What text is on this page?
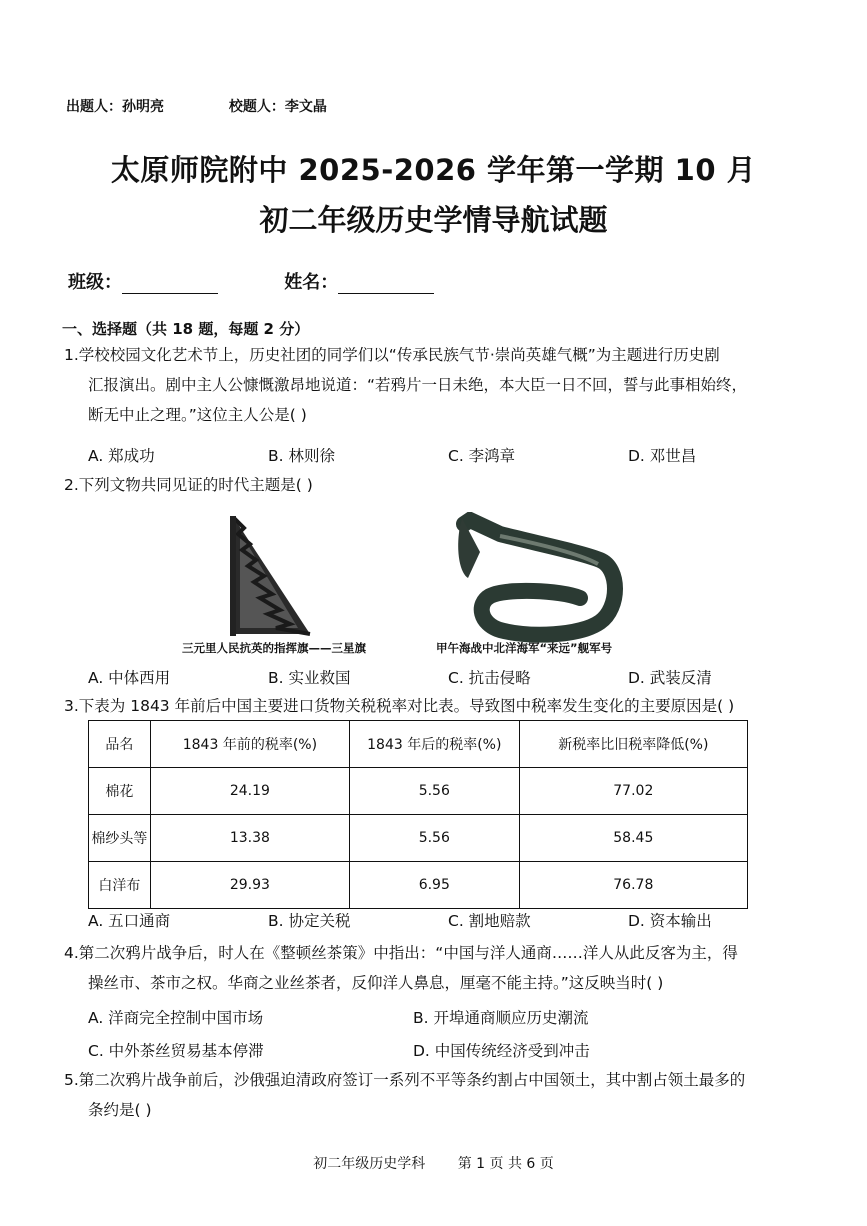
出题人：孙明亮	校题人：李文晶
太原师院附中 2025-2026 学年第一学期 10 月
初二年级历史学情导航试题
班级：	姓名：
一、选择题（共 18 题，每题 2 分）
1.学校校园文化艺术节上，历史社团的同学们以“传承民族气节·崇尚英雄气概”为主题进行历史剧
汇报演出。剧中主人公慷慨激昂地说道：“若鸦片一日未绝，本大臣一日不回，誓与此事相始终，
断无中止之理。”这位主人公是( )
A. 郑成功	B. 林则徐	C. 李鸿章	D. 邓世昌
2.下列文物共同见证的时代主题是( )
三元里人民抗英的指挥旗——三星旗	甲午海战中北洋海军“来远”舰军号
A. 中体西用	B. 实业救国	C. 抗击侵略	D. 武装反清
3.下表为 1843 年前后中国主要进口货物关税税率对比表。导致图中税率发生变化的主要原因是( )
品名	1843 年前的税率(%)	1843 年后的税率(%)	新税率比旧税率降低(%)
棉花	24.19	5.56	77.02
棉纱头等	13.38	5.56	58.45
白洋布	29.93	6.95	76.78
A. 五口通商	B. 协定关税	C. 割地赔款	D. 资本输出
4.第二次鸦片战争后，时人在《整顿丝茶策》中指出：“中国与洋人通商……洋人从此反客为主，得
操丝市、茶市之权。华商之业丝茶者，反仰洋人鼻息，厘毫不能主持。”这反映当时( )
A. 洋商完全控制中国市场	B. 开埠通商顺应历史潮流
C. 中外茶丝贸易基本停滞	D. 中国传统经济受到冲击
5.第二次鸦片战争前后，沙俄强迫清政府签订一系列不平等条约割占中国领土，其中割占领土最多的
条约是( )
初二年级历史学科 第 1 页 共 6 页
